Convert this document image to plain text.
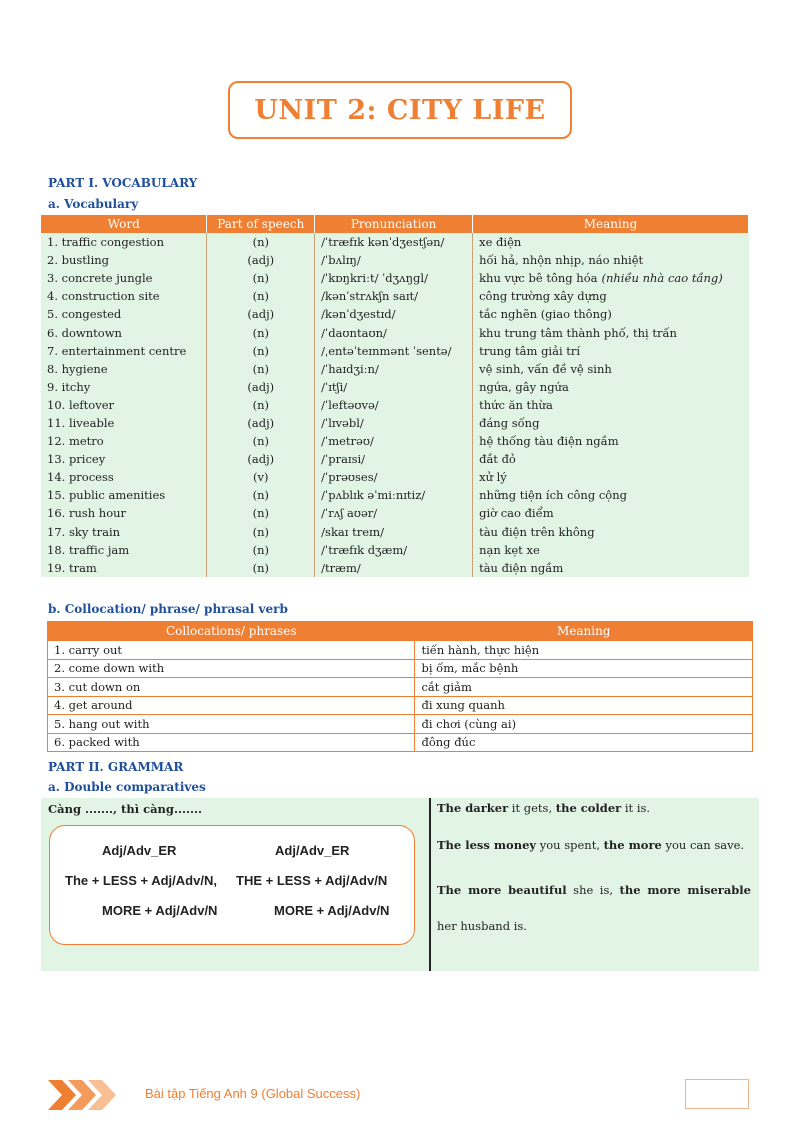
UNIT 2: CITY LIFE
PART I. VOCABULARY
a. Vocabulary
Word	Part of speech	Pronunciation	Meaning
1. traffic congestion	(n)	/ˈtræfɪk kənˈdʒestʃən/	xe điện
2. bustling	(adj)	/ˈbʌlɪŋ/	hối hả, nhộn nhịp, náo nhiệt
3. concrete jungle	(n)	/ˈkɒŋkriːt/ ˈdʒʌŋɡl/	khu vực bê tông hóa (nhiều nhà cao tầng)
4. construction site	(n)	/kənˈstrʌkʃn saɪt/	công trường xây dựng
5. congested	(adj)	/kənˈdʒestɪd/	tắc nghẽn (giao thông)
6. downtown	(n)	/ˈdaʊntaʊn/	khu trung tâm thành phố, thị trấn
7. entertainment centre	(n)	/ˌentəˈteɪnmənt ˈsentə/	trung tâm giải trí
8. hygiene	(n)	/ˈhaɪdʒiːn/	vệ sinh, vấn đề vệ sinh
9. itchy	(adj)	/ˈɪtʃi/	ngứa, gây ngứa
10. leftover	(n)	/ˈleftəʊvə/	thức ăn thừa
11. liveable	(adj)	/ˈlɪvəbl/	đáng sống
12. metro	(n)	/ˈmetrəʊ/	hệ thống tàu điện ngầm
13. pricey	(adj)	/ˈpraɪsi/	đắt đỏ
14. process	(v)	/ˈprəʊses/	xử lý
15. public amenities	(n)	/ˈpʌblɪk əˈmiːnɪtiz/	những tiện ích công cộng
16. rush hour	(n)	/ˈrʌʃ aʊər/	giờ cao điểm
17. sky train	(n)	/skaɪ treɪn/	tàu điện trên không
18. traffic jam	(n)	/ˈtræfɪk dʒæm/	nạn kẹt xe
19. tram	(n)	/træm/	tàu điện ngầm
b. Collocation/ phrase/ phrasal verb
Collocations/ phrases	Meaning
1. carry out	tiến hành, thực hiện
2. come down with	bị ốm, mắc bệnh
3. cut down on	cắt giảm
4. get around	đi xung quanh
5. hang out with	đi chơi (cùng ai)
6. packed with	đông đúc
PART II. GRAMMAR
a. Double comparatives
Càng ......., thì càng.......
Adj/Adv_ER
The + LESS + Adj/Adv/N,
MORE + Adj/Adv/N
Adj/Adv_ER
THE + LESS + Adj/Adv/N
MORE + Adj/Adv/N

The darker it gets, the colder it is.

The less money you spent, the more you can save.

The more beautiful she is, the more miserable her husband is.

Bài tập Tiếng Anh 9 (Global Success)
